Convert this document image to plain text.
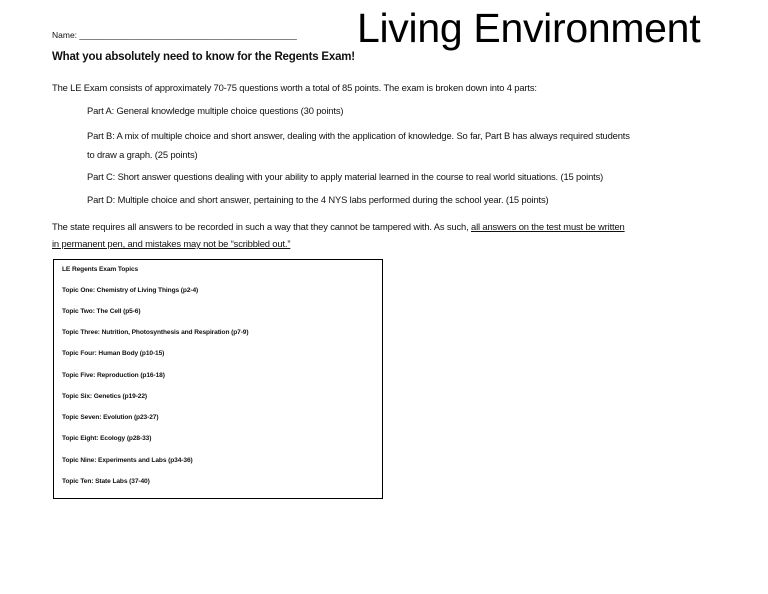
Name: ______________________________________________ Living Environment
What you absolutely need to know for the Regents Exam!
The LE Exam consists of approximately 70-75 questions worth a total of 85 points. The exam is broken down into 4 parts:
Part A: General knowledge multiple choice questions (30 points)
Part B: A mix of multiple choice and short answer, dealing with the application of knowledge. So far, Part B has always required students
to draw a graph. (25 points)
Part C: Short answer questions dealing with your ability to apply material learned in the course to real world situations. (15 points)
Part D: Multiple choice and short answer, pertaining to the 4 NYS labs performed during the school year. (15 points)
The state requires all answers to be recorded in such a way that they cannot be tampered with. As such, all answers on the test must be written
in permanent pen, and mistakes may not be “scribbled out.”
LE Regents Exam Topics
Topic One: Chemistry of Living Things (p2-4)
Topic Two: The Cell (p5-6)
Topic Three: Nutrition, Photosynthesis and Respiration (p7-9)
Topic Four: Human Body (p10-15)
Topic Five: Reproduction (p16-18)
Topic Six: Genetics (p19-22)
Topic Seven: Evolution (p23-27)
Topic Eight: Ecology (p28-33)
Topic Nine: Experiments and Labs (p34-36)
Topic Ten: State Labs (37-40)
